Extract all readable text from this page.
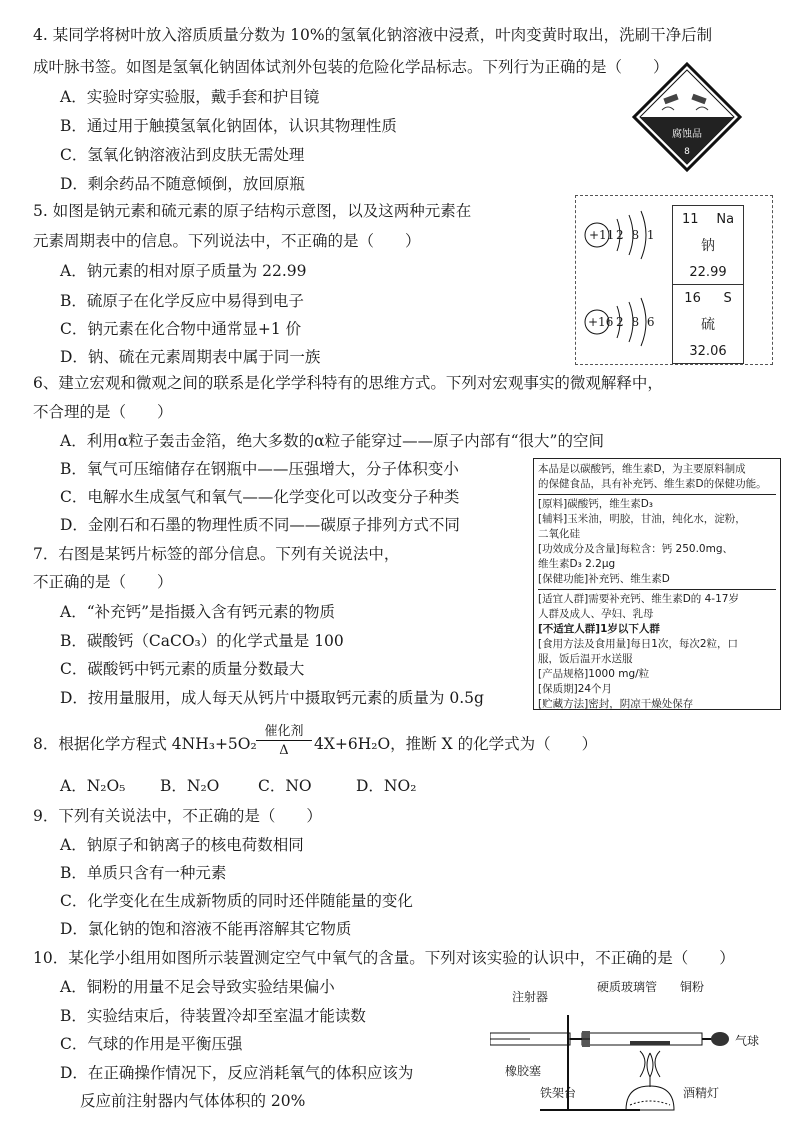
4. 某同学将树叶放入溶质质量分数为 10%的氢氧化钠溶液中浸煮，叶肉变黄时取出，洗刷干净后制
成叶脉书签。如图是氢氧化钠固体试剂外包装的危险化学品标志。下列行为正确的是（　　）
A．实验时穿实验服，戴手套和护目镜
B．通过用于触摸氢氧化钠固体，认识其物理性质
C．氢氧化钠溶液沾到皮肤无需处理
D．剩余药品不随意倾倒，放回原瓶
腐蚀品
8
5. 如图是钠元素和硫元素的原子结构示意图，以及这两种元素在
元素周期表中的信息。下列说法中，不正确的是（　　）
A．钠元素的相对原子质量为 22.99
B．硫原子在化学反应中易得到电子
C．钠元素在化合物中通常显+1 价
D．钠、硫在元素周期表中属于同一族
+11 2 8 1
11 Na
钠
22.99
+16 2 8 6
16 S
硫
32.06
6、建立宏观和微观之间的联系是化学学科特有的思维方式。下列对宏观事实的微观解释中，
不合理的是（　　）
A．利用α粒子轰击金箔，绝大多数的α粒子能穿过——原子内部有“很大”的空间
B．氧气可压缩储存在钢瓶中——压强增大，分子体积变小
C．电解水生成氢气和氧气——化学变化可以改变分子种类
D．金刚石和石墨的物理性质不同——碳原子排列方式不同
7．右图是某钙片标签的部分信息。下列有关说法中，
不正确的是（　　）
A．“补充钙”是指摄入含有钙元素的物质
B．碳酸钙（CaCO₃）的化学式量是 100
C．碳酸钙中钙元素的质量分数最大
D．按用量服用，成人每天从钙片中摄取钙元素的质量为 0.5g
本品是以碳酸钙，维生素D，为主要原料制成
的保健食品，具有补充钙、维生素D的保健功能。
[原料]碳酸钙，维生素D₃
[辅料]玉米油，明胶，甘油，纯化水，淀粉，
二氧化硅
[功效成分及含量]每粒含：钙 250.0mg、
维生素D₃ 2.2μg
[保健功能]补充钙、维生素D
[适宜人群]需要补充钙、维生素D的 4-17岁
人群及成人、孕妇、乳母
[不适宜人群]1岁以下人群
[食用方法及食用量]每日1次，每次2粒，口
服，饭后温开水送服
[产品规格]1000 mg/粒
[保质期]24个月
[贮藏方法]密封，阴凉干燥处保存
8．根据化学方程式 4NH₃+5O₂
催化剂
Δ	4X+6H₂O，推断 X 的化学式为（　　）
A．N₂O₅ B．N₂O C．NO	D．NO₂
9．下列有关说法中，不正确的是（　　）
A．钠原子和钠离子的核电荷数相同
B．单质只含有一种元素
C．化学变化在生成新物质的同时还伴随能量的变化
D．氯化钠的饱和溶液不能再溶解其它物质
10．某化学小组用如图所示装置测定空气中氧气的含量。下列对该实验的认识中，不正确的是（　　）
A．铜粉的用量不足会导致实验结果偏小
B．实验结束后，待装置冷却至室温才能读数
C．气球的作用是平衡压强
D．在正确操作情况下，反应消耗氧气的体积应该为
反应前注射器内气体体积的 20%
注射器
硬质玻璃管 铜粉
气球
橡胶塞
铁架台	酒精灯
